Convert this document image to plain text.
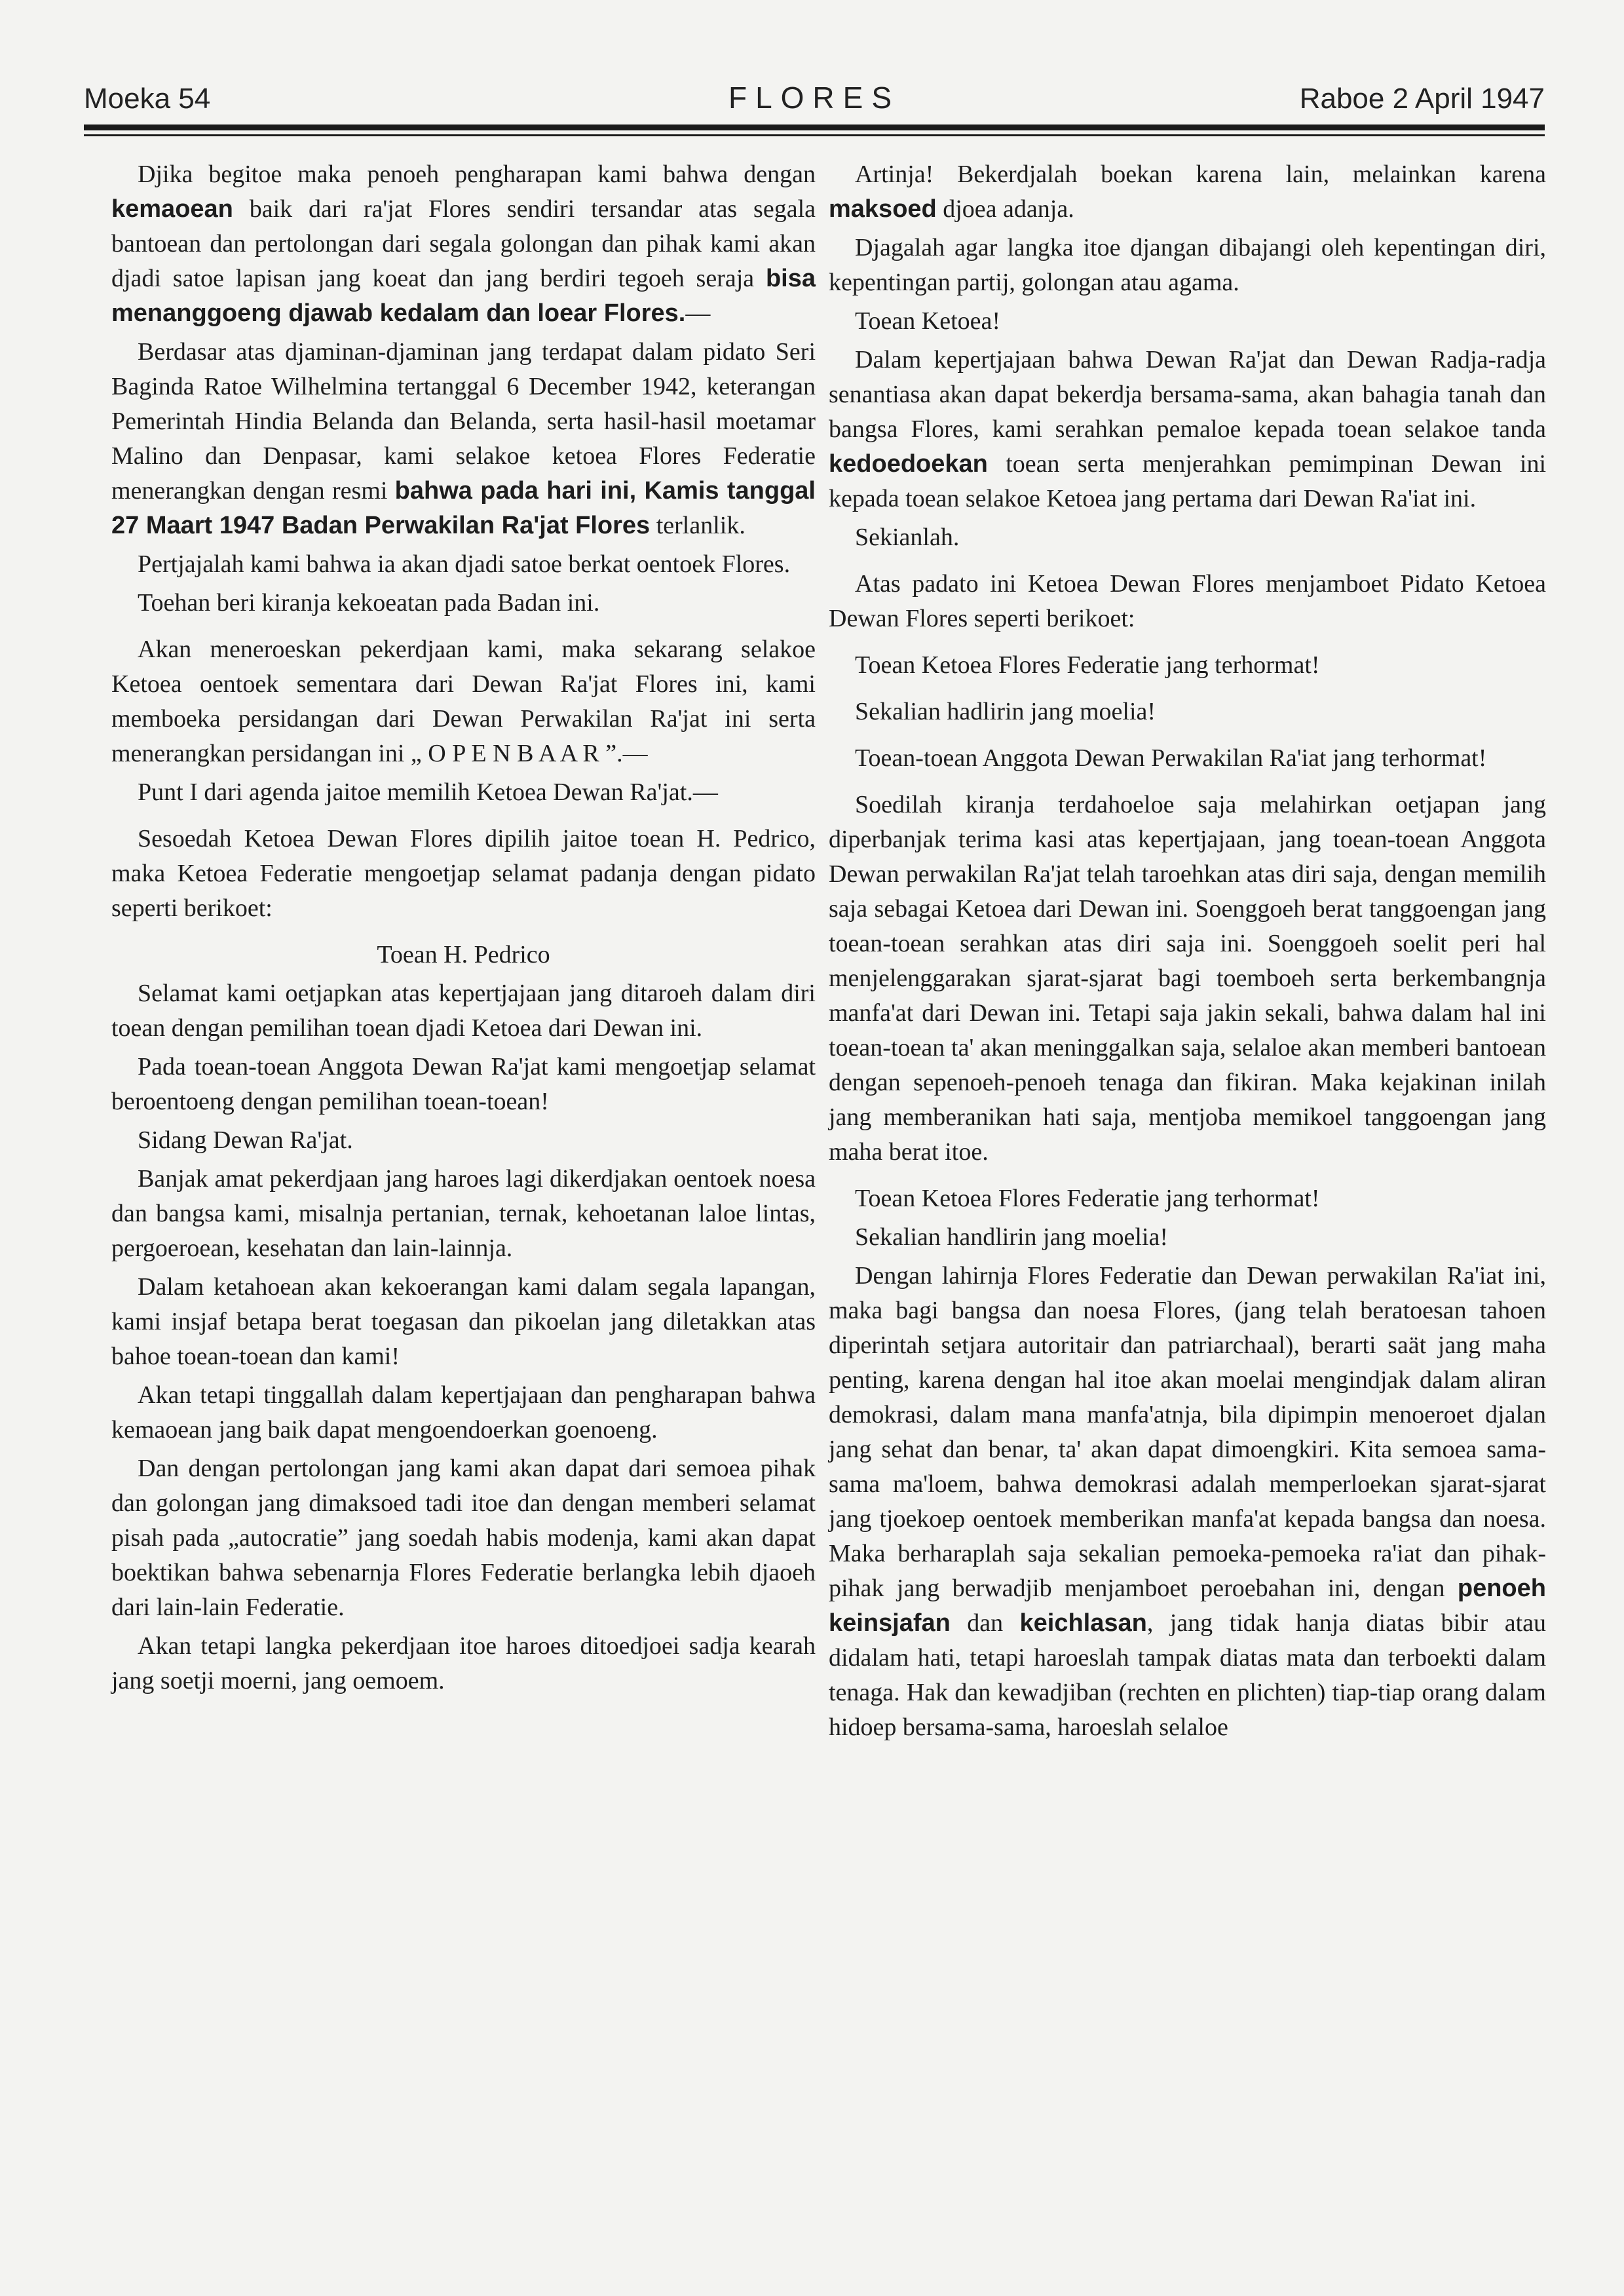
Moeka 54	FLORES	Raboe 2 April 1947

Djika begitoe maka penoeh pengharapan kami bahwa dengan kemaoean baik dari ra'jat Flores sendiri tersandar atas segala bantoean dan pertolongan dari segala golongan dan pihak kami akan djadi satoe lapisan jang koeat dan jang berdiri tegoeh seraja bisa menanggoeng djawab kedalam dan loear Flores.—

Berdasar atas djaminan-djaminan jang terdapat dalam pidato Seri Baginda Ratoe Wilhelmina tertanggal 6 December 1942, keterangan Pemerintah Hindia Belanda dan Belanda, serta hasil-hasil moetamar Malino dan Denpasar, kami selakoe ketoea Flores Federatie menerangkan dengan resmi bahwa pada hari ini, Kamis tanggal 27 Maart 1947 Badan Perwakilan Ra'jat Flores terlanlik.

Pertjajalah kami bahwa ia akan djadi satoe berkat oentoek Flores.

Toehan beri kiranja kekoeatan pada Badan ini.

Akan meneroeskan pekerdjaan kami, maka sekarang selakoe Ketoea oentoek sementara dari Dewan Ra'jat Flores ini, kami memboeka persidangan dari Dewan Perwakilan Ra'jat ini serta menerangkan persidangan ini „ O P E N B A A R ”.—

Punt I dari agenda jaitoe memilih Ketoea Dewan Ra'jat.—

Sesoedah Ketoea Dewan Flores dipilih jaitoe toean H. Pedrico, maka Ketoea Federatie mengoetjap selamat padanja dengan pidato seperti berikoet:

Toean H. Pedrico

Selamat kami oetjapkan atas kepertjajaan jang ditaroeh dalam diri toean dengan pemilihan toean djadi Ketoea dari Dewan ini.

Pada toean-toean Anggota Dewan Ra'jat kami mengoetjap selamat beroentoeng dengan pemilihan toean-toean!

Sidang Dewan Ra'jat.

Banjak amat pekerdjaan jang haroes lagi dikerdjakan oentoek noesa dan bangsa kami, misalnja pertanian, ternak, kehoetanan laloe lintas, pergoeroean, kesehatan dan lain-lainnja.

Dalam ketahoean akan kekoerangan kami dalam segala lapangan, kami insjaf betapa berat toegasan dan pikoelan jang diletakkan atas bahoe toean-toean dan kami!

Akan tetapi tinggallah dalam kepertjajaan dan pengharapan bahwa kemaoean jang baik dapat mengoendoerkan goenoeng.

Dan dengan pertolongan jang kami akan dapat dari semoea pihak dan golongan jang dimaksoed tadi itoe dan dengan memberi selamat pisah pada „autocratie” jang soedah habis modenja, kami akan dapat boektikan bahwa sebenarnja Flores Federatie berlangka lebih djaoeh dari lain-lain Federatie.

Akan tetapi langka pekerdjaan itoe haroes ditoedjoei sadja kearah jang soetji moerni, jang oemoem.

Artinja! Bekerdjalah boekan karena lain, melainkan karena maksoed djoea adanja.

Djagalah agar langka itoe djangan dibajangi oleh kepentingan diri, kepentingan partij, golongan atau agama.

Toean Ketoea!

Dalam kepertjajaan bahwa Dewan Ra'jat dan Dewan Radja-radja senantiasa akan dapat bekerdja bersama-sama, akan bahagia tanah dan bangsa Flores, kami serahkan pemaloe kepada toean selakoe tanda kedoedoekan toean serta menjerahkan pemimpinan Dewan ini kepada toean selakoe Ketoea jang pertama dari Dewan Ra'iat ini.

Sekianlah.

Atas padato ini Ketoea Dewan Flores menjamboet Pidato Ketoea Dewan Flores seperti berikoet:

Toean Ketoea Flores Federatie jang terhormat!

Sekalian hadlirin jang moelia!

Toean-toean Anggota Dewan Perwakilan Ra'iat jang terhormat!

Soedilah kiranja terdahoeloe saja melahirkan oetjapan jang diperbanjak terima kasi atas kepertjajaan, jang toean-toean Anggota Dewan perwakilan Ra'jat telah taroehkan atas diri saja, dengan memilih saja sebagai Ketoea dari Dewan ini. Soenggoeh berat tanggoengan jang toean-toean serahkan atas diri saja ini. Soenggoeh soelit peri hal menjelenggarakan sjarat-sjarat bagi toemboeh serta berkembangnja manfa'at dari Dewan ini. Tetapi saja jakin sekali, bahwa dalam hal ini toean-toean ta' akan meninggalkan saja, selaloe akan memberi bantoean dengan sepenoeh-penoeh tenaga dan fikiran. Maka kejakinan inilah jang memberanikan hati saja, mentjoba memikoel tanggoengan jang maha berat itoe.

Toean Ketoea Flores Federatie jang terhormat!

Sekalian handlirin jang moelia!

Dengan lahirnja Flores Federatie dan Dewan perwakilan Ra'iat ini, maka bagi bangsa dan noesa Flores, (jang telah beratoesan tahoen diperintah setjara autoritair dan patriarchaal), berarti saät jang maha penting, karena dengan hal itoe akan moelai mengindjak dalam aliran demokrasi, dalam mana manfa'atnja, bila dipimpin menoeroet djalan jang sehat dan benar, ta' akan dapat dimoengkiri. Kita semoea sama-sama ma'loem, bahwa demokrasi adalah memperloekan sjarat-sjarat jang tjoekoep oentoek memberikan manfa'at kepada bangsa dan noesa. Maka berharaplah saja sekalian pemoeka-pemoeka ra'iat dan pihak-pihak jang berwadjib menjamboet peroebahan ini, dengan penoeh keinsjafan dan keichlasan, jang tidak hanja diatas bibir atau didalam hati, tetapi haroeslah tampak diatas mata dan terboekti dalam tenaga. Hak dan kewadjiban (rechten en plichten) tiap-tiap orang dalam hidoep bersama-sama, haroeslah selaloe
